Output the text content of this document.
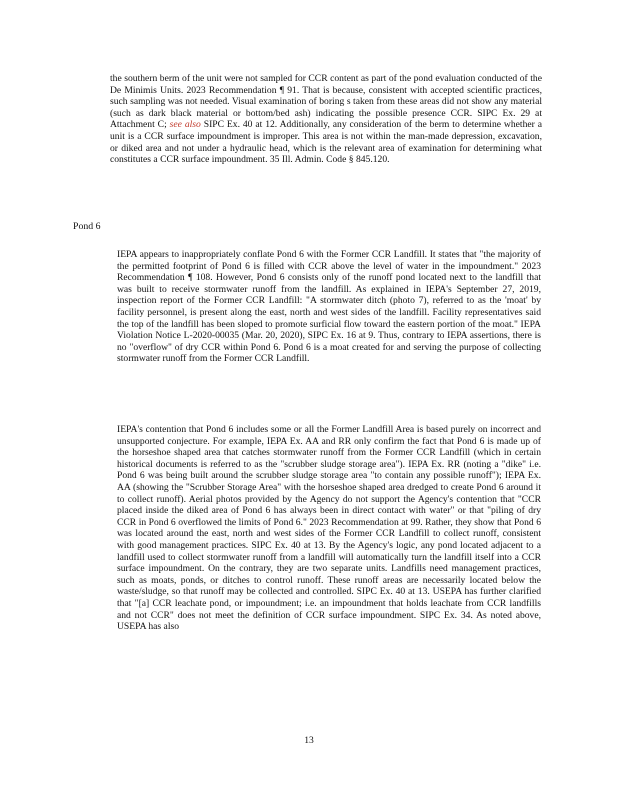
the southern berm of the unit were not sampled for CCR content as part of the pond evaluation conducted of the De Minimis Units. 2023 Recommendation ¶ 91. That is because, consistent with accepted scientific practices, such sampling was not needed. Visual examination of boring s taken from these areas did not show any material (such as dark black material or bottom/bed ash) indicating the possible presence CCR. SIPC Ex. 29 at Attachment C; see also SIPC Ex. 40 at 12. Additionally, any consideration of the berm to determine whether a unit is a CCR surface impoundment is improper. This area is not within the man-made depression, excavation, or diked area and not under a hydraulic head, which is the relevant area of examination for determining what constitutes a CCR surface impoundment. 35 Ill. Admin. Code § 845.120.

Pond 6

IEPA appears to inappropriately conflate Pond 6 with the Former CCR Landfill. It states that "the majority of the permitted footprint of Pond 6 is filled with CCR above the level of water in the impoundment." 2023 Recommendation ¶ 108. However, Pond 6 consists only of the runoff pond located next to the landfill that was built to receive stormwater runoff from the landfill. As explained in IEPA's September 27, 2019, inspection report of the Former CCR Landfill: "A stormwater ditch (photo 7), referred to as the 'moat' by facility personnel, is present along the east, north and west sides of the landfill. Facility representatives said the top of the landfill has been sloped to promote surficial flow toward the eastern portion of the moat." IEPA Violation Notice L-2020-00035 (Mar. 20, 2020), SIPC Ex. 16 at 9. Thus, contrary to IEPA assertions, there is no "overflow" of dry CCR within Pond 6. Pond 6 is a moat created for and serving the purpose of collecting stormwater runoff from the Former CCR Landfill.

IEPA's contention that Pond 6 includes some or all the Former Landfill Area is based purely on incorrect and unsupported conjecture. For example, IEPA Ex. AA and RR only confirm the fact that Pond 6 is made up of the horseshoe shaped area that catches stormwater runoff from the Former CCR Landfill (which in certain historical documents is referred to as the "scrubber sludge storage area"). IEPA Ex. RR (noting a "dike" i.e. Pond 6 was being built around the scrubber sludge storage area "to contain any possible runoff"); IEPA Ex. AA (showing the "Scrubber Storage Area" with the horseshoe shaped area dredged to create Pond 6 around it to collect runoff). Aerial photos provided by the Agency do not support the Agency's contention that "CCR placed inside the diked area of Pond 6 has always been in direct contact with water" or that "piling of dry CCR in Pond 6 overflowed the limits of Pond 6." 2023 Recommendation at 99. Rather, they show that Pond 6 was located around the east, north and west sides of the Former CCR Landfill to collect runoff, consistent with good management practices. SIPC Ex. 40 at 13. By the Agency's logic, any pond located adjacent to a landfill used to collect stormwater runoff from a landfill will automatically turn the landfill itself into a CCR surface impoundment. On the contrary, they are two separate units. Landfills need management practices, such as moats, ponds, or ditches to control runoff. These runoff areas are necessarily located below the waste/sludge, so that runoff may be collected and controlled. SIPC Ex. 40 at 13. USEPA has further clarified that "[a] CCR leachate pond, or impoundment; i.e. an impoundment that holds leachate from CCR landfills and not CCR" does not meet the definition of CCR surface impoundment. SIPC Ex. 34. As noted above, USEPA has also

13
